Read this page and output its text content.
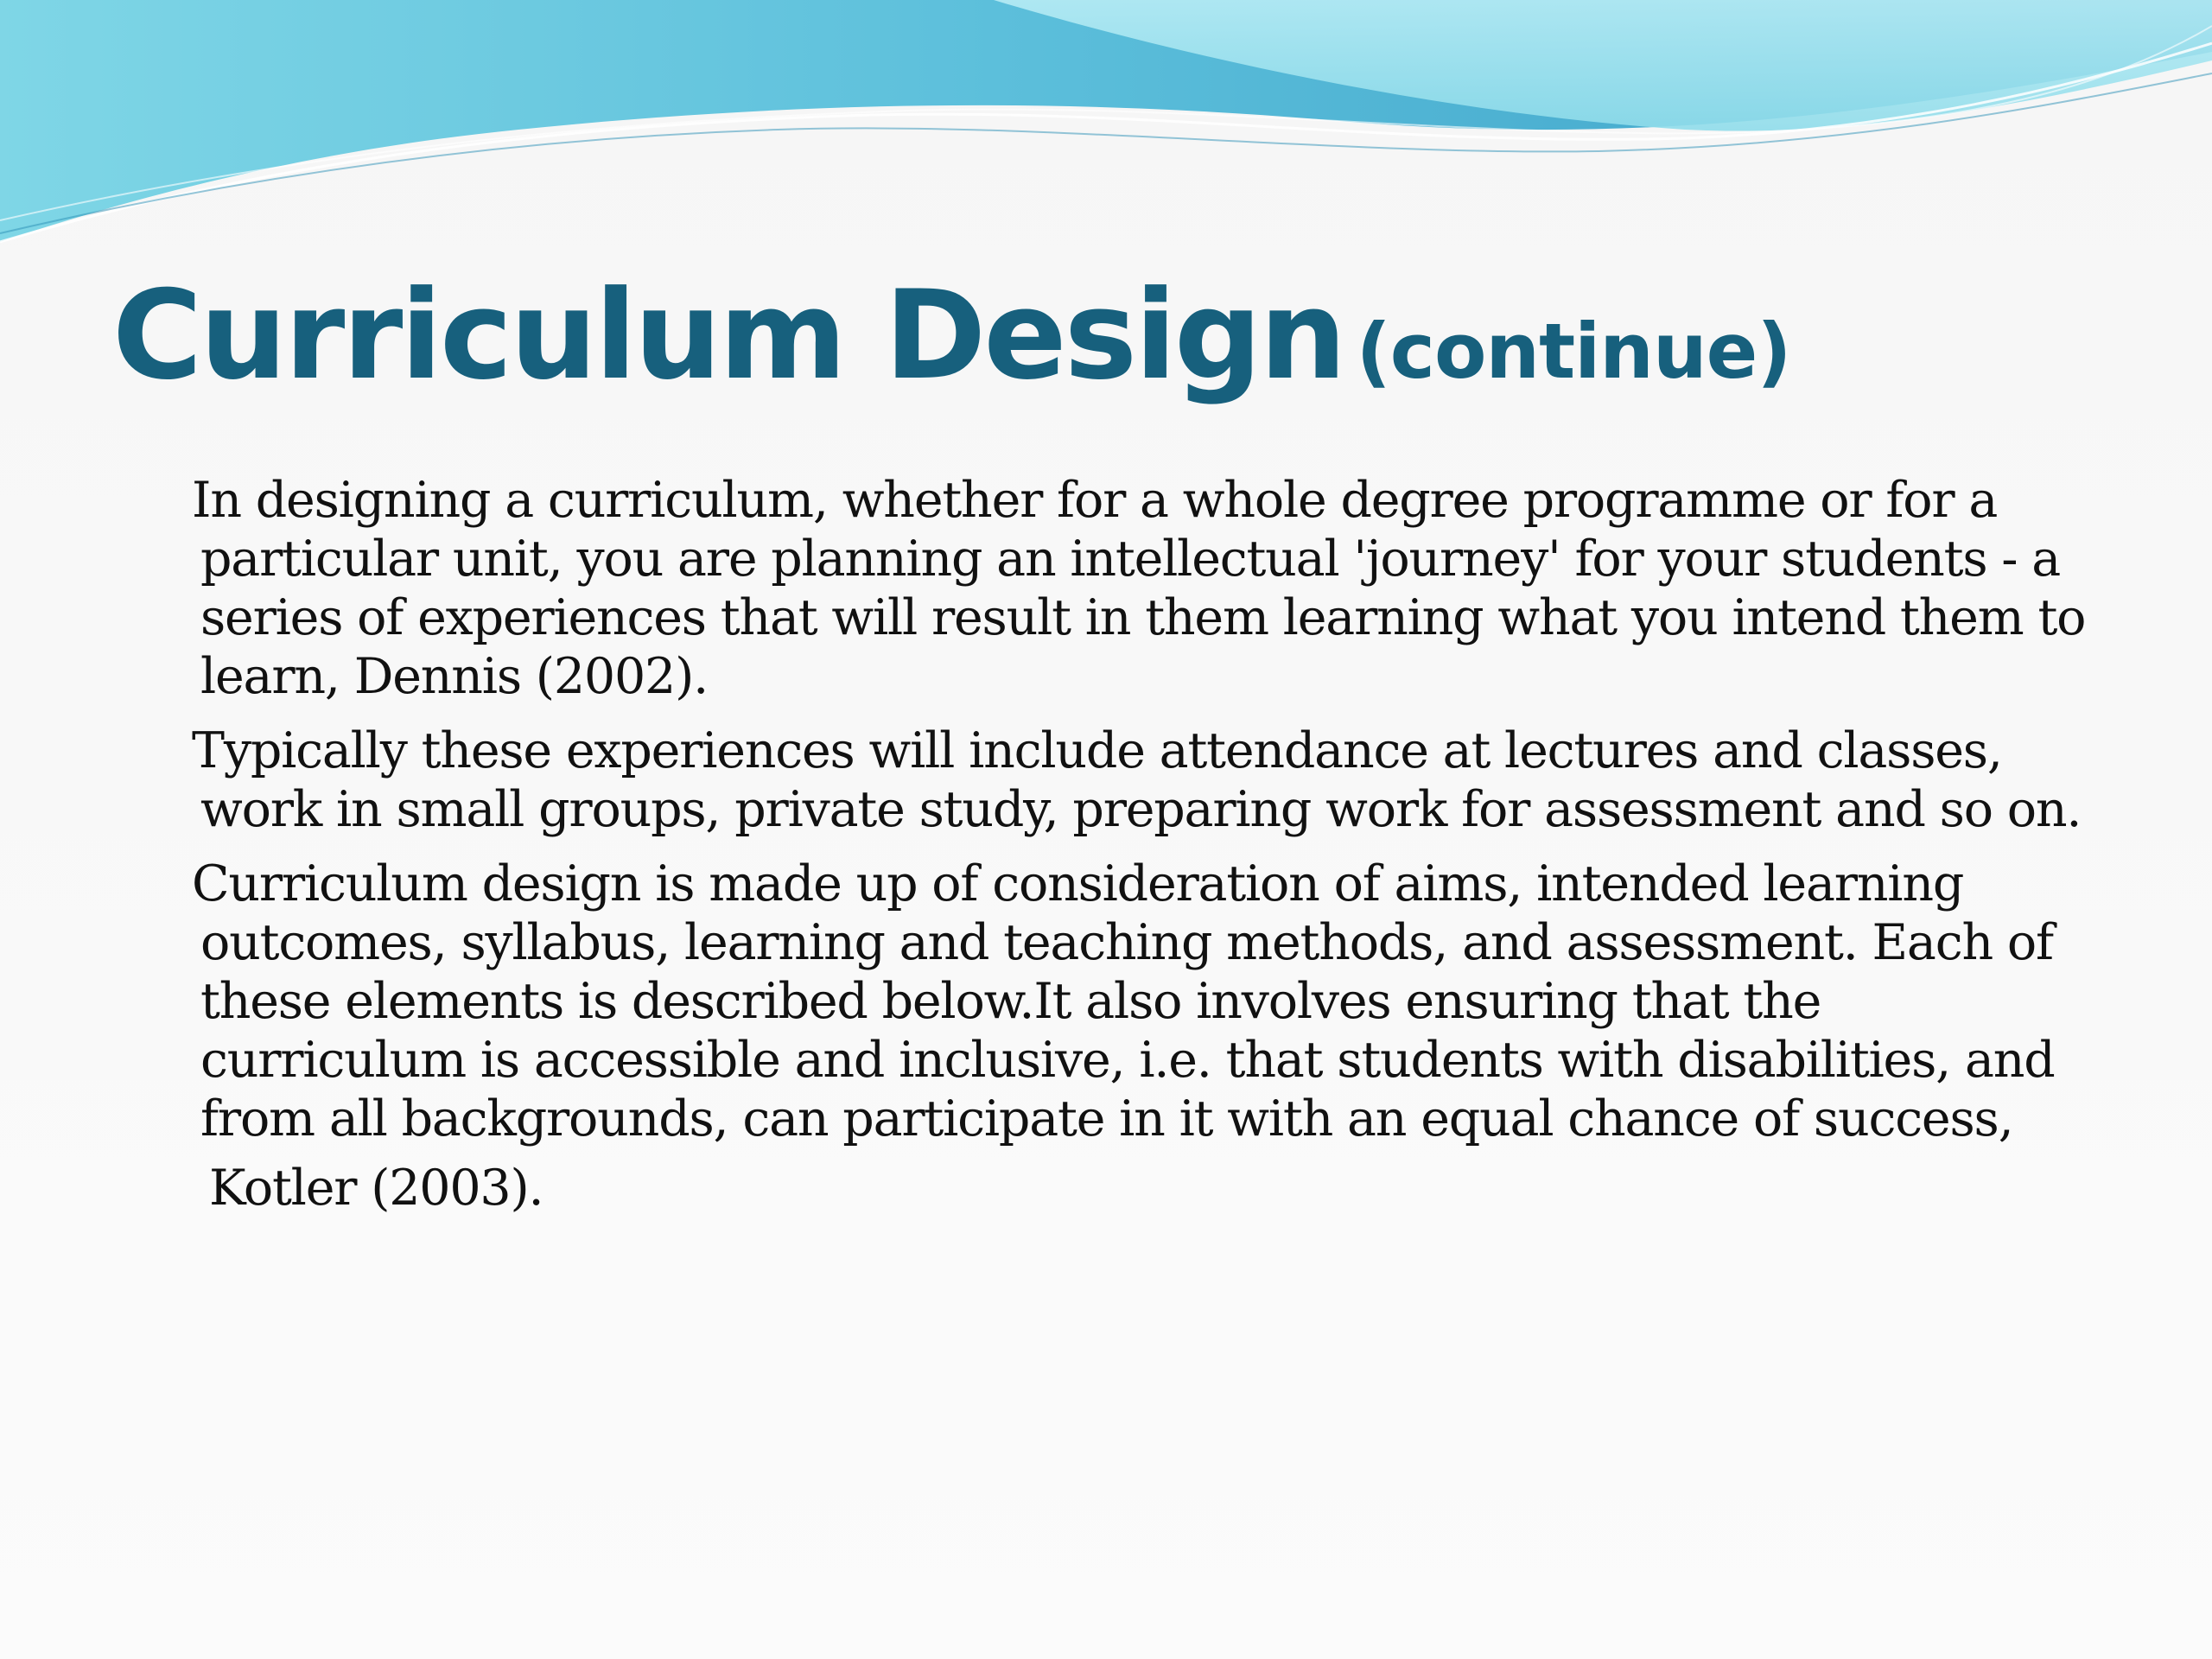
Curriculum Design (continue)

In designing a curriculum, whether for a whole degree programme or for a particular unit, you are planning an intellectual 'journey' for your students - a series of experiences that will result in them learning what you intend them to learn, Dennis (2002).

Typically these experiences will include attendance at lectures and classes, work in small groups, private study, preparing work for assessment and so on.

Curriculum design is made up of consideration of aims, intended learning outcomes, syllabus, learning and teaching methods, and assessment. Each of these elements is described below.It also involves ensuring that the curriculum is accessible and inclusive, i.e. that students with disabilities, and from all backgrounds, can participate in it with an equal chance of success,

Kotler (2003).
